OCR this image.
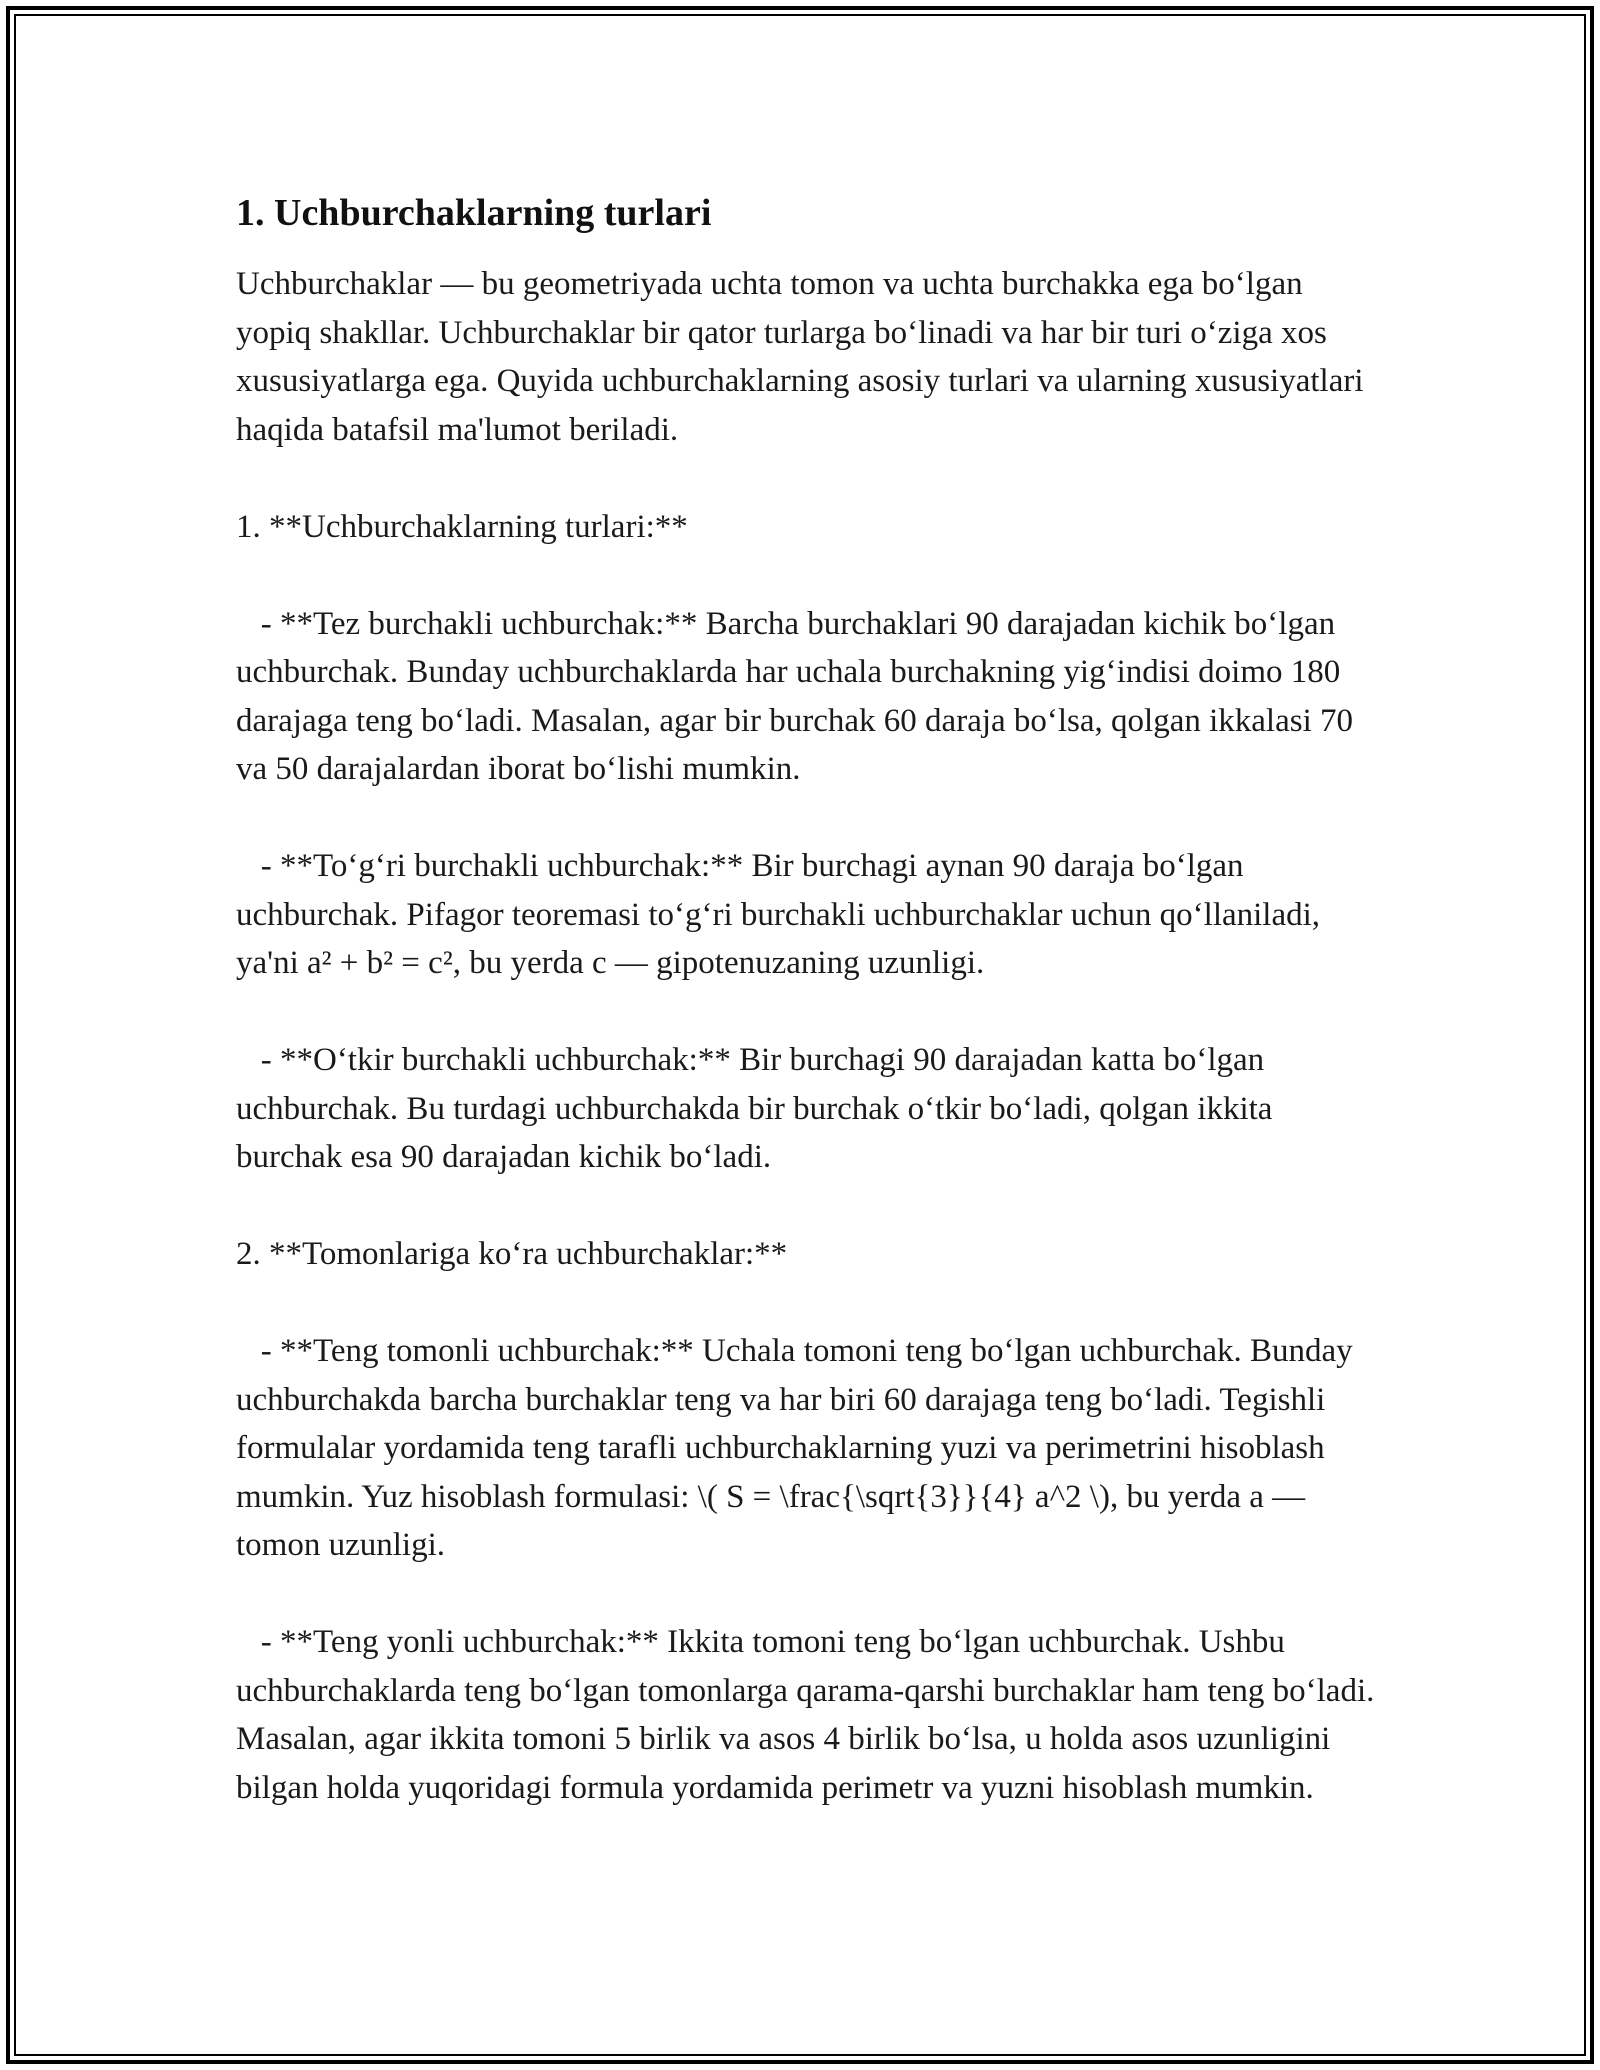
1. Uchburchaklarning turlari

Uchburchaklar — bu geometriyada uchta tomon va uchta burchakka ega bo‘lgan yopiq shakllar. Uchburchaklar bir qator turlarga bo‘linadi va har bir turi o‘ziga xos xususiyatlarga ega. Quyida uchburchaklarning asosiy turlari va ularning xususiyatlari haqida batafsil ma'lumot beriladi.

1. **Uchburchaklarning turlari:**

- **Tez burchakli uchburchak:** Barcha burchaklari 90 darajadan kichik bo‘lgan uchburchak. Bunday uchburchaklarda har uchala burchakning yig‘indisi doimo 180 darajaga teng bo‘ladi. Masalan, agar bir burchak 60 daraja bo‘lsa, qolgan ikkalasi 70 va 50 darajalardan iborat bo‘lishi mumkin.

- **To‘g‘ri burchakli uchburchak:** Bir burchagi aynan 90 daraja bo‘lgan uchburchak. Pifagor teoremasi to‘g‘ri burchakli uchburchaklar uchun qo‘llaniladi, ya'ni a² + b² = c², bu yerda c — gipotenuzaning uzunligi.

- **O‘tkir burchakli uchburchak:** Bir burchagi 90 darajadan katta bo‘lgan uchburchak. Bu turdagi uchburchakda bir burchak o‘tkir bo‘ladi, qolgan ikkita burchak esa 90 darajadan kichik bo‘ladi.

2. **Tomonlariga ko‘ra uchburchaklar:**

- **Teng tomonli uchburchak:** Uchala tomoni teng bo‘lgan uchburchak. Bunday uchburchakda barcha burchaklar teng va har biri 60 darajaga teng bo‘ladi. Tegishli formulalar yordamida teng tarafli uchburchaklarning yuzi va perimetrini hisoblash mumkin. Yuz hisoblash formulasi: \( S = \frac{\sqrt{3}}{4} a^2 \), bu yerda a — tomon uzunligi.

- **Teng yonli uchburchak:** Ikkita tomoni teng bo‘lgan uchburchak. Ushbu uchburchaklarda teng bo‘lgan tomonlarga qarama-qarshi burchaklar ham teng bo‘ladi. Masalan, agar ikkita tomoni 5 birlik va asos 4 birlik bo‘lsa, u holda asos uzunligini bilgan holda yuqoridagi formula yordamida perimetr va yuzni hisoblash mumkin.
